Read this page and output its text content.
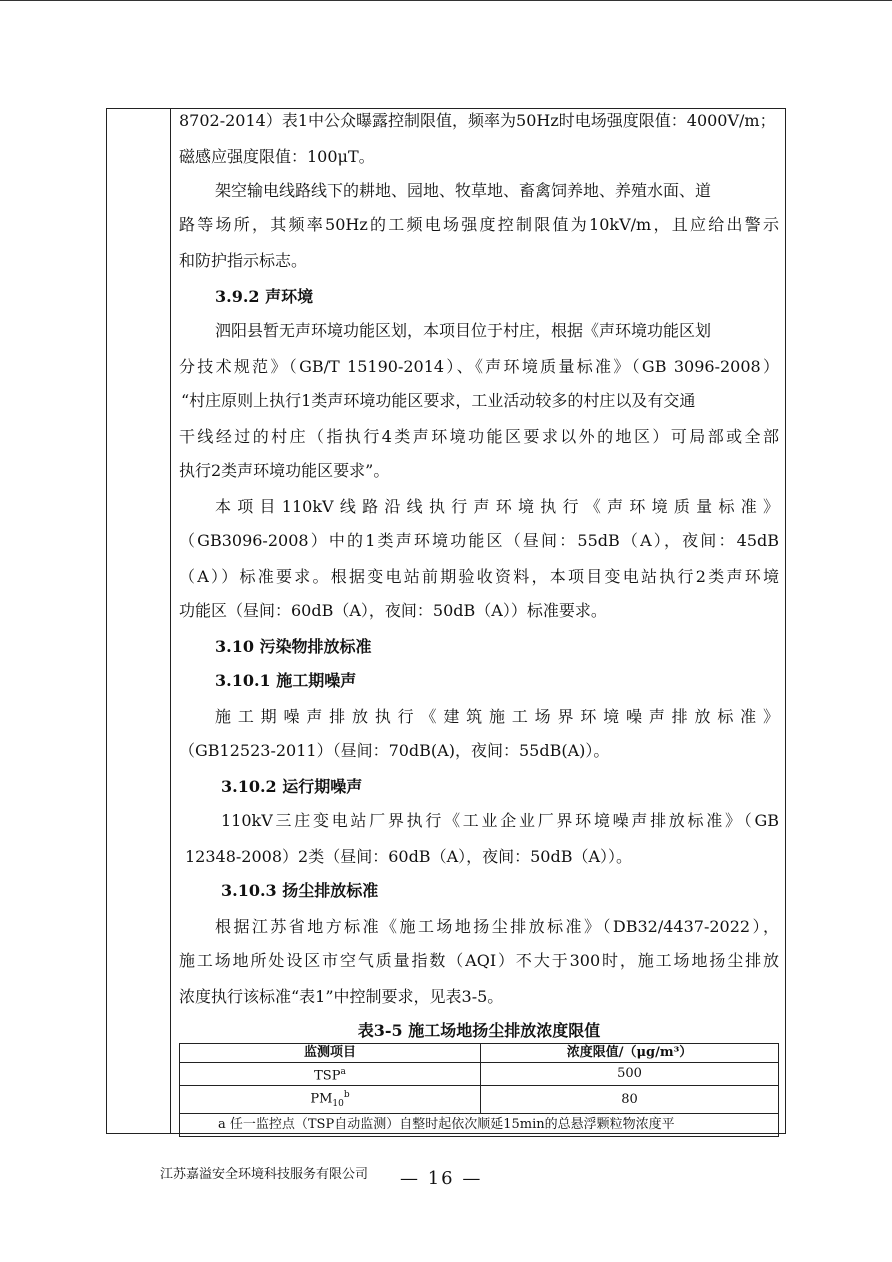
8702-2014）表1中公众曝露控制限值，频率为50Hz时电场强度限值：4000V/m；
磁感应强度限值：100μT。
架空输电线路线下的耕地、园地、牧草地、畜禽饲养地、养殖水面、道
路等场所，其频率50Hz的工频电场强度控制限值为10kV/m，且应给出警示
和防护指示标志。
3.9.2 声环境
泗阳县暂无声环境功能区划，本项目位于村庄，根据《声环境功能区划
分技术规范》（GB/T 15190-2014）、《声环境质量标准》（GB 3096-2008）
“村庄原则上执行1类声环境功能区要求，工业活动较多的村庄以及有交通
干线经过的村庄（指执行4类声环境功能区要求以外的地区）可局部或全部
执行2类声环境功能区要求”。
本项目110kV线路沿线执行声环境执行《声环境质量标准》
（GB3096-2008）中的1类声环境功能区（昼间：55dB（A），夜间：45dB
（A））标准要求。根据变电站前期验收资料，本项目变电站执行2类声环境
功能区（昼间：60dB（A），夜间：50dB（A））标准要求。
3.10 污染物排放标准
3.10.1 施工期噪声
施工期噪声排放执行《建筑施工场界环境噪声排放标准》
（GB12523-2011）（昼间：70dB(A)，夜间：55dB(A)）。
3.10.2 运行期噪声
110kV三庄变电站厂界执行《工业企业厂界环境噪声排放标准》（GB
12348-2008）2类（昼间：60dB（A），夜间：50dB（A））。
3.10.3 扬尘排放标准
根据江苏省地方标准《施工场地扬尘排放标准》（DB32/4437-2022），
施工场地所处设区市空气质量指数（AQI）不大于300时，施工场地扬尘排放
浓度执行该标准“表1”中控制要求，见表3-5。
表3-5 施工场地扬尘排放浓度限值
监测项目	浓度限值/（μg/m³）
TSP$^a$	500
$PM_{10}^b$	80
a 任一监控点（TSP自动监测）自整时起依次顺延15min的总悬浮颗粒物浓度平	
江苏嘉溢安全环境科技服务有限公司 — 16 —
